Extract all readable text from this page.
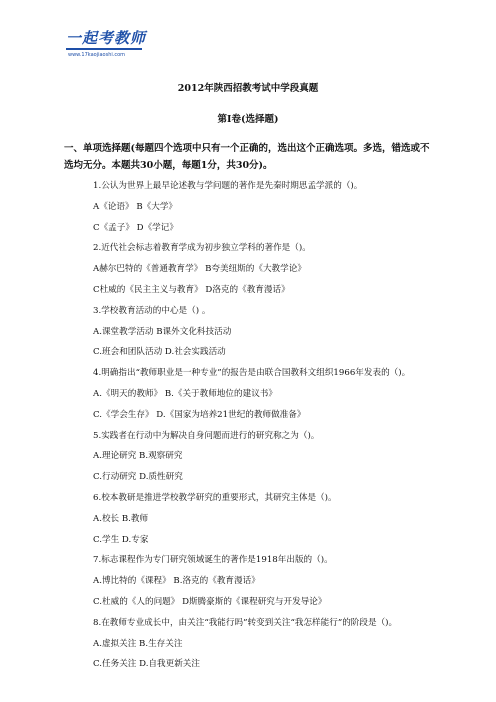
一起考教师
www.17kaojiaoshi.com
2012年陕西招教考试中学段真题
第Ⅰ卷(选择题)
一、单项选择题(每题四个选项中只有一个正确的，选出这个正确选项。多选，错选或不选均无分。本题共30小题，每题1分，共30分)。
1.公认为世界上最早论述教与学问题的著作是先秦时期思孟学派的（)。
A《论语》 B《大学》
C《孟子》 D《学记》
2.近代社会标志着教育学成为初步独立学科的著作是（)。
A赫尔巴特的《普通教育学》 B夸美纽斯的《大教学论》
C杜威的《民主主义与教育》 D洛克的《教育漫话》
3.学校教育活动的中心是（) 。
A.课堂教学活动 B课外文化科技活动
C.班会和团队活动 D.社会实践活动
4.明确指出“教师职业是一种专业”的报告是由联合国教科文组织1966年发表的（)。
A.《明天的教师》 B.《关于教师地位的建议书》
C.《学会生存》 D.《国家为培养21世纪的教师做准备》
5.实践者在行动中为解决自身问题而进行的研究称之为（)。
A.理论研究 B.观察研究
C.行动研究 D.质性研究
6.校本教研是推进学校教学研究的重要形式，其研究主体是（)。
A.校长 B.教师
C.学生 D.专家
7.标志课程作为专门研究领域诞生的著作是1918年出版的（)。
A.博比特的《课程》 B.洛克的《教育漫话》
C.杜威的《人的问题》 D斯腾豪斯的《课程研究与开发导论》
8.在教师专业成长中，由关注“我能行吗”转变到关注“我怎样能行”的阶段是（)。
A.虚拟关注 B.生存关注
C.任务关注 D.自我更新关注
